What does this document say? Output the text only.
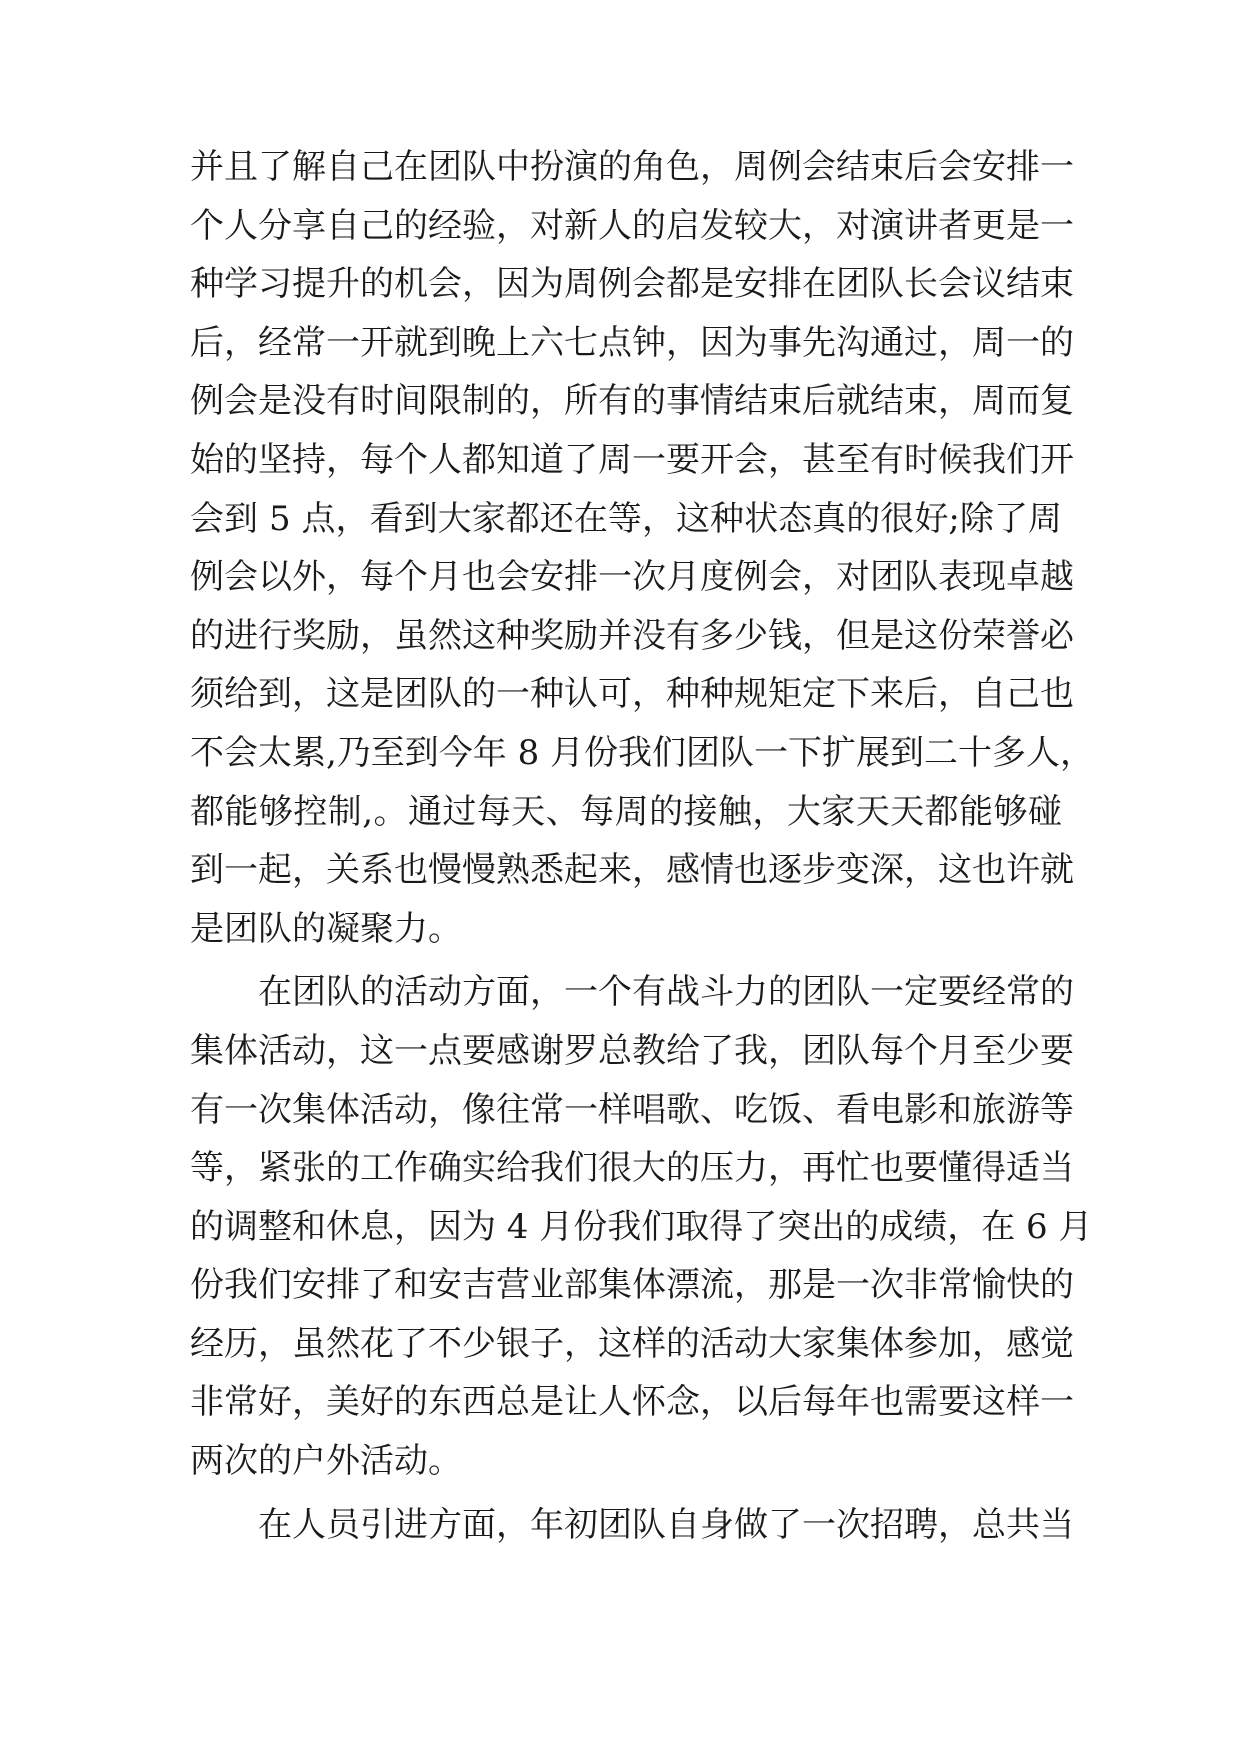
并且了解自己在团队中扮演的角色，周例会结束后会安排一
个人分享自己的经验，对新人的启发较大，对演讲者更是一
种学习提升的机会，因为周例会都是安排在团队长会议结束
后，经常一开就到晚上六七点钟，因为事先沟通过，周一的
例会是没有时间限制的，所有的事情结束后就结束，周而复
始的坚持，每个人都知道了周一要开会，甚至有时候我们开
会到 5 点，看到大家都还在等，这种状态真的很好;除了周
例会以外，每个月也会安排一次月度例会，对团队表现卓越
的进行奖励，虽然这种奖励并没有多少钱，但是这份荣誉必
须给到，这是团队的一种认可，种种规矩定下来后，自己也
不会太累,乃至到今年 8 月份我们团队一下扩展到二十多人，
都能够控制,。通过每天、每周的接触，大家天天都能够碰
到一起，关系也慢慢熟悉起来，感情也逐步变深，这也许就
是团队的凝聚力。
　　在团队的活动方面，一个有战斗力的团队一定要经常的
集体活动，这一点要感谢罗总教给了我，团队每个月至少要
有一次集体活动，像往常一样唱歌、吃饭、看电影和旅游等
等，紧张的工作确实给我们很大的压力，再忙也要懂得适当
的调整和休息，因为 4 月份我们取得了突出的成绩，在 6 月
份我们安排了和安吉营业部集体漂流，那是一次非常愉快的
经历，虽然花了不少银子，这样的活动大家集体参加，感觉
非常好，美好的东西总是让人怀念，以后每年也需要这样一
两次的户外活动。
　　在人员引进方面，年初团队自身做了一次招聘，总共当
